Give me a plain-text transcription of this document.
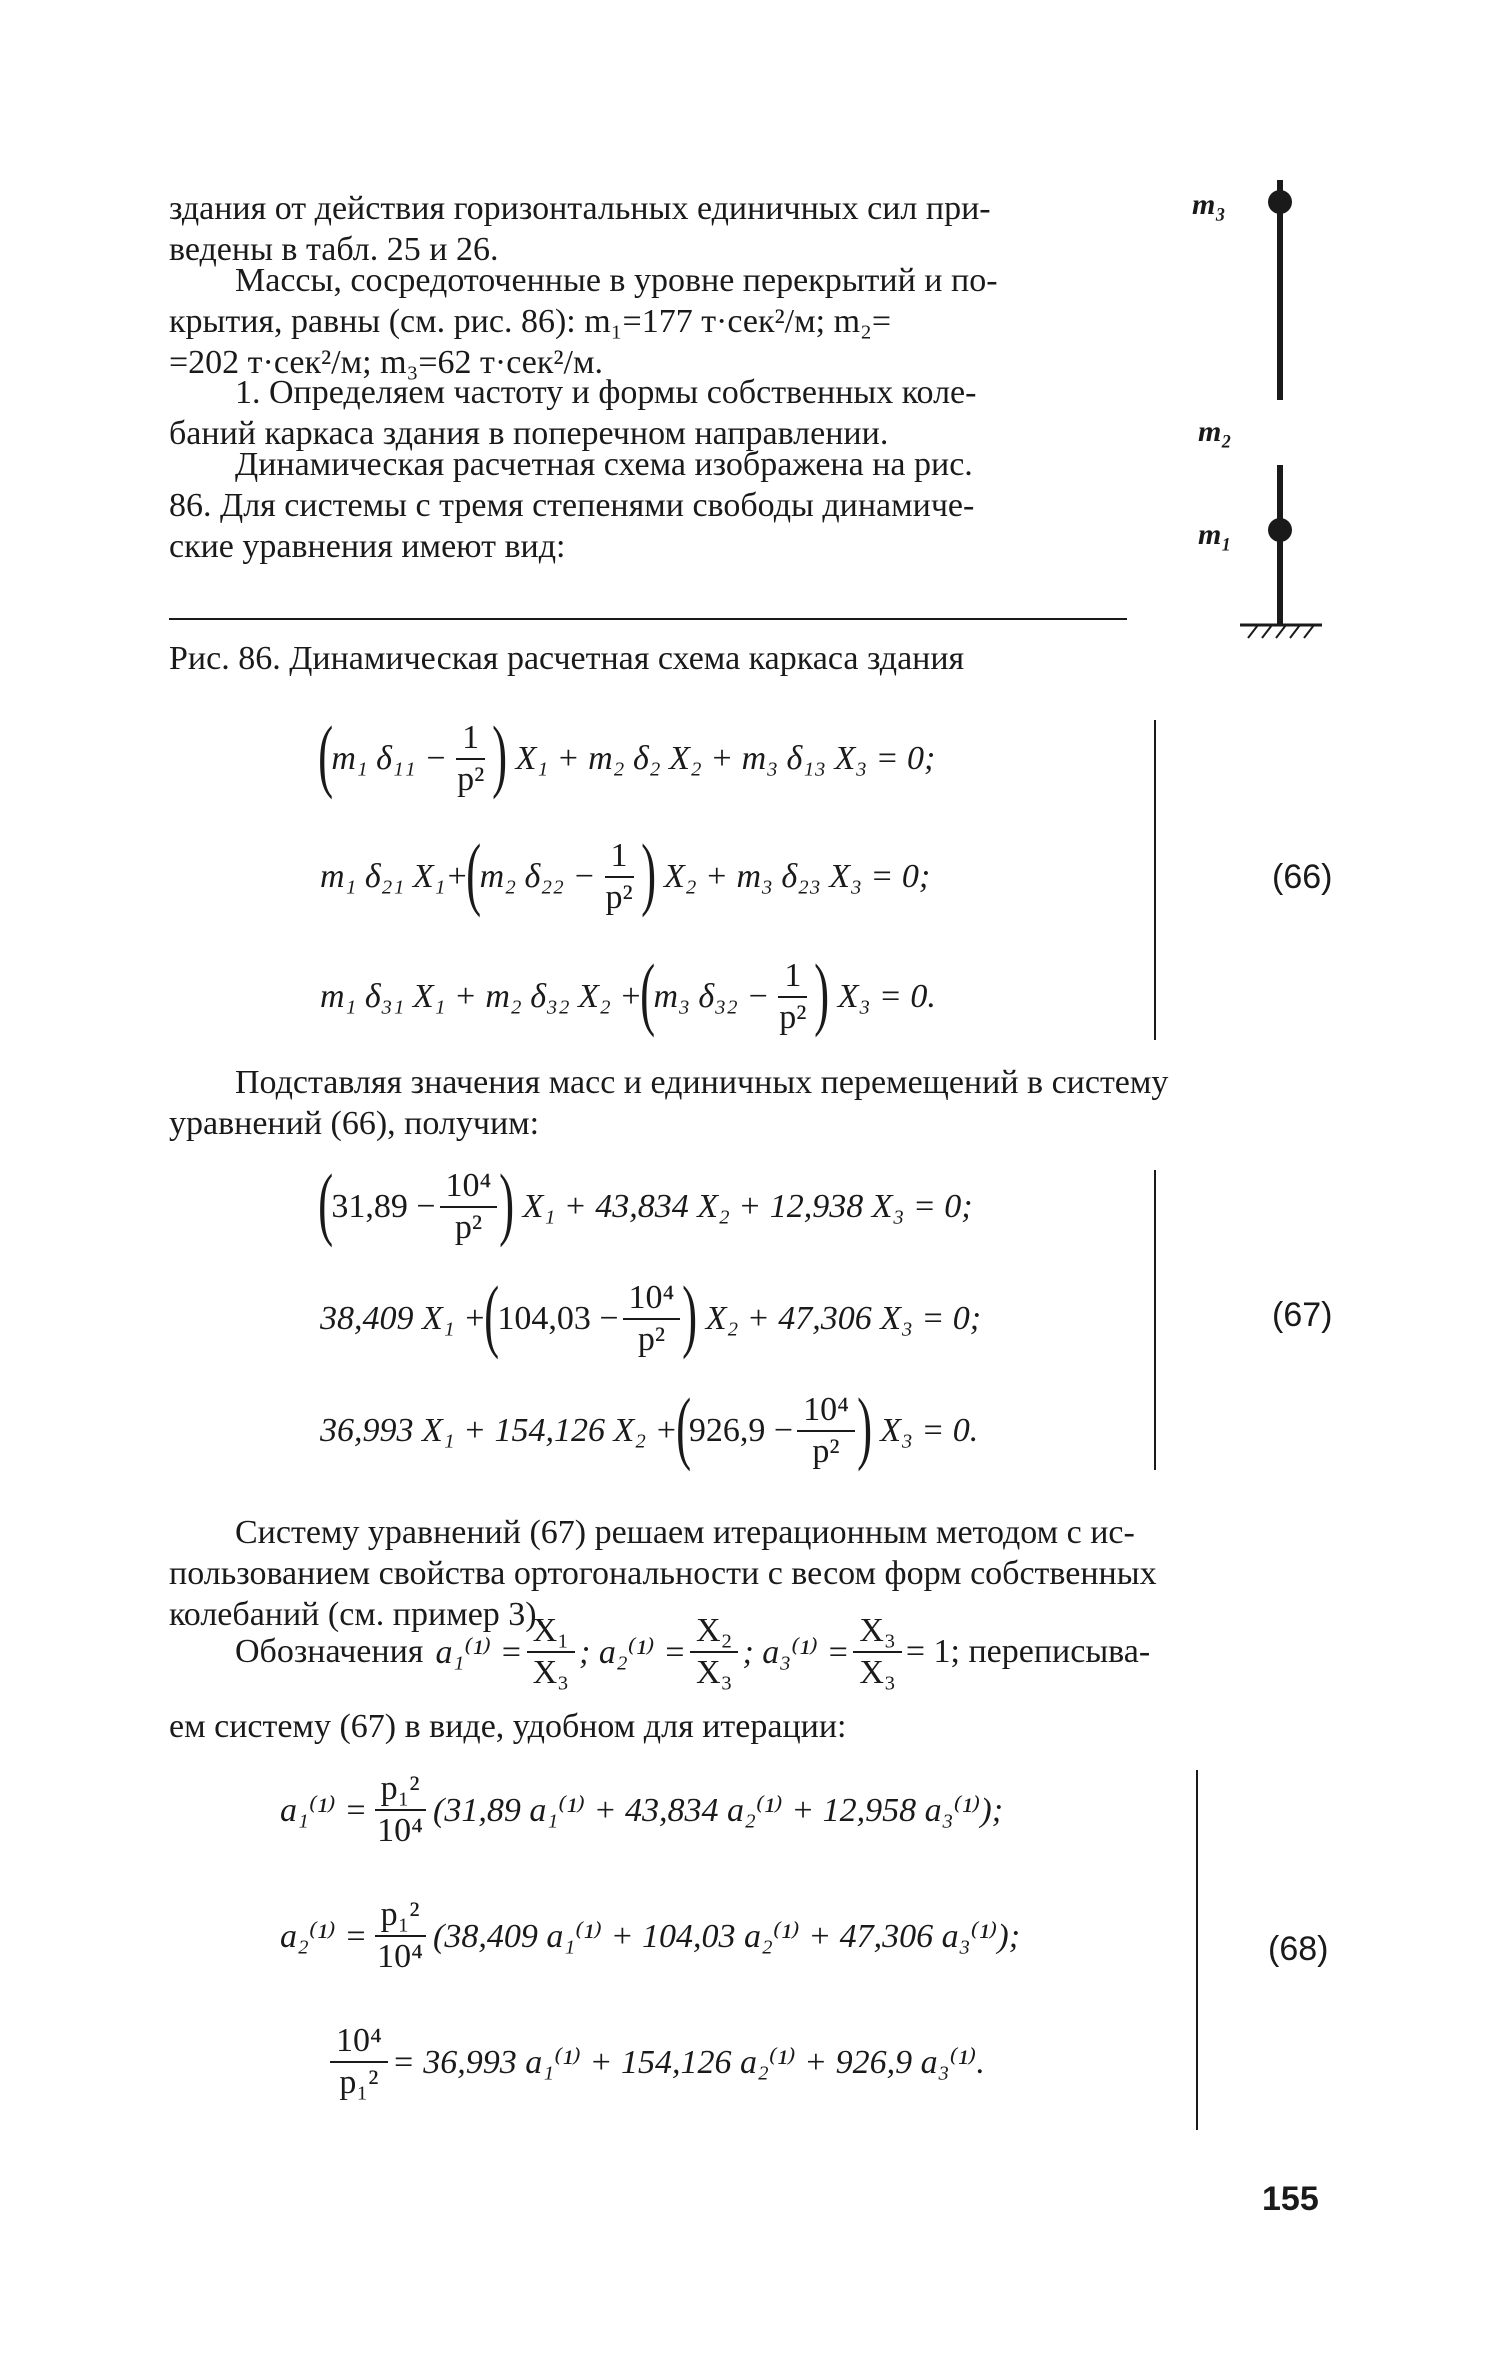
здания от действия горизонтальных единичных сил при-
ведены в табл. 25 и 26.
Массы, сосредоточенные в уровне перекрытий и по-
крытия, равны (см. рис. 86): m₁=177 т·сек²/м; m₂=
=202 т·сек²/м; m₃=62 т·сек²/м.
1. Определяем частоту и формы собственных коле-
баний каркаса здания в поперечном направлении.
Динамическая расчетная схема изображена на рис.
86. Для системы с тремя степенями свободы динамиче-
ские уравнения имеют вид:
m₃
m₂
m₁
Рис. 86. Динамическая расчетная схема каркаса здания
(
m₁ $\delta_{11} - \frac{1}{\text{p²}}$ ) X₁ + m₂ δ₂ X₂ + m₃ δ₁₃ X₃ = 0;
m₁ δ₂₁ X₁+
(
m₂ $\delta_{22} - \frac{1}{\text{p²}}$ ) X₂ + m₃ δ₂₃ X₃ = 0;
m₁ δ₃₁ X₁ + m₂ δ₃₂ X₂ +
(
m₃ $\delta_{32} - \frac{1}{\text{p²}}$ ) X₃ = 0.
(66)
Подставляя значения масс и единичных перемещений в систему
уравнений (66), получим:
(
$31,89 - \frac{\text{10⁴}}{\text{p²}}$ ) X₁ + 43,834 X₂ + 12,938 X₃ = 0;
38,409 X₁ +
(
$104,03 - \frac{\text{10⁴}}{\text{p²}}$ ) X₂ + 47,306 X₃ = 0;
36,993 X₁ + 154,126 X₂ +
(
$926,9 - \frac{\text{10⁴}}{\text{p²}}$ ) X₃ = 0.
(67)
Систему уравнений (67) решаем итерационным методом с ис-
пользованием свойства ортогональности с весом форм собственных
колебаний (см. пример 3).
Обозначения $a_1^{(1)} = \frac{\text{X₁}}{\text{X₃}}$ ; $a_2^{(1)} = \frac{\text{X₂}}{\text{X₃}}$ ; $a_3^{(1)} = \frac{\text{X₃}}{\text{X₃}} = 1$; переписыва-
ем систему (67) в виде, удобном для итерации:
$a_1^{(1)} = \frac{\text{p₁²}}{\text{10⁴}} (31,89$ a₁⁽¹⁾ + 43,834 a₂⁽¹⁾ + 12,958 a₃⁽¹⁾);
$a_2^{(1)} = \frac{\text{p₁²}}{\text{10⁴}} (38,409$ a₁⁽¹⁾ + 104,03 a₂⁽¹⁾ + 47,306 a₃⁽¹⁾);
$\frac{\text{10⁴}}{\text{p₁²}} = 36,993$ a₁⁽¹⁾ + 154,126 a₂⁽¹⁾ + 926,9 a₃⁽¹⁾.
(68)
155
